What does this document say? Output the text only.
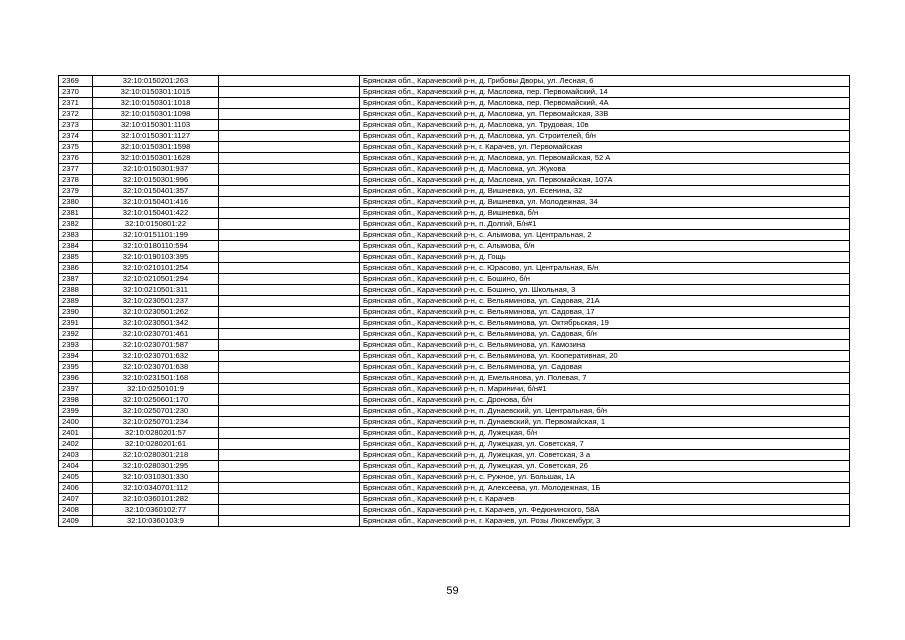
2369	32:10:0150201:263		Брянская обл., Карачевский р-н, д. Грибовы Дворы, ул. Лесная, 6
2370	32:10:0150301:1015		Брянская обл., Карачевский р-н, д. Масловка, пер. Первомайский, 14
2371	32:10:0150301:1018		Брянская обл., Карачевский р-н, д. Масловка, пер. Первомайский, 4А
2372	32:10:0150301:1098		Брянская обл., Карачевский р-н, д. Масловка, ул. Первомайская, 33В
2373	32:10:0150301:1103		Брянская обл., Карачевский р-н, д. Масловка, ул. Трудовая, 10в
2374	32:10:0150301:1127		Брянская обл., Карачевский р-н, д. Масловка, ул. Строителей, б/н
2375	32:10:0150301:1598		Брянская обл., Карачевский р-н, г. Карачев, ул. Первомайская
2376	32:10:0150301:1628		Брянская обл., Карачевский р-н, д. Масловка, ул. Первомайская, 52 А
2377	32:10:0150301:937		Брянская обл., Карачевский р-н, д. Масловка, ул. Жукова
2378	32:10:0150301:996		Брянская обл., Карачевский р-н, д. Масловка, ул. Первомайская, 107А
2379	32:10:0150401:357		Брянская обл., Карачевский р-н, д. Вишневка, ул. Есенина, 32
2380	32:10:0150401:416		Брянская обл., Карачевский р-н, д. Вишневка, ул. Молодежная, 34
2381	32:10:0150401:422		Брянская обл., Карачевский р-н, д. Вишневка, б/н
2382	32:10:0150801:22		Брянская обл., Карачевский р-н, п. Долгий, Б/н#1
2383	32:10:0151101:199		Брянская обл., Карачевский р-н, с. Алымова, ул. Центральная, 2
2384	32:10:0180110:594		Брянская обл., Карачевский р-н, с. Алымова, б/н
2385	32:10:0190103:395		Брянская обл., Карачевский р-н, д. Гощь
2386	32:10:0210101:254		Брянская обл., Карачевский р-н, с. Юрасово, ул. Центральная, Б/н
2387	32:10:0210501:294		Брянская обл., Карачевский р-н, с. Бошино, б/н
2388	32:10:0210501:311		Брянская обл., Карачевский р-н, с. Бошино, ул. Школьная, 3
2389	32:10:0230501:237		Брянская обл., Карачевский р-н, с. Вельяминова, ул. Садовая, 21А
2390	32:10:0230501:262		Брянская обл., Карачевский р-н, с. Вельяминова, ул. Садовая, 17
2391	32:10:0230501:342		Брянская обл., Карачевский р-н, с. Вельяминова, ул. Октябрьская, 19
2392	32:10:0230701:461		Брянская обл., Карачевский р-н, с. Вельяминова, ул. Садовая, б/н
2393	32:10:0230701:587		Брянская обл., Карачевский р-н, с. Вельяминова, ул. Камозина
2394	32:10:0230701:632		Брянская обл., Карачевский р-н, с. Вельяминова, ул. Кооперативная, 20
2395	32:10:0230701:638		Брянская обл., Карачевский р-н, с. Вельяминова, ул. Садовая
2396	32:10:0231501:168		Брянская обл., Карачевский р-н, д. Емельянова, ул. Полевая, 7
2397	32:10:0250101:9		Брянская обл., Карачевский р-н, п. Мариничи, б/н#1
2398	32:10:0250601:170		Брянская обл., Карачевский р-н, с. Дронова, б/н
2399	32:10:0250701:230		Брянская обл., Карачевский р-н, п. Дунаевский, ул. Центральная, б/н
2400	32:10:0250701:234		Брянская обл., Карачевский р-н, п. Дунаевский, ул. Первомайская, 1
2401	32:10:0280201:57		Брянская обл., Карачевский р-н, д. Лужецкая, б/н
2402	32:10:0280201:61		Брянская обл., Карачевский р-н, д. Лужецкая, ул. Советская, 7
2403	32:10:0280301:218		Брянская обл., Карачевский р-н, д. Лужецкая, ул. Советская, 3 а
2404	32:10:0280301:295		Брянская обл., Карачевский р-н, д. Лужецкая, ул. Советская, 26
2405	32:10:0310301:330		Брянская обл., Карачевский р-н, с. Ружное, ул. Большак, 1А
2406	32:10:0340701:112		Брянская обл., Карачевский р-н, д. Алексеева, ул. Молодежная, 1Б
2407	32:10:0360101:282		Брянская обл., Карачевский р-н, г. Карачев
2408	32:10:0360102:77		Брянская обл., Карачевский р-н, г. Карачев, ул. Федюнинского, 58А
2409	32:10:0360103:9		Брянская обл., Карачевский р-н, г. Карачев, ул. Розы Люксембург, 3
59
